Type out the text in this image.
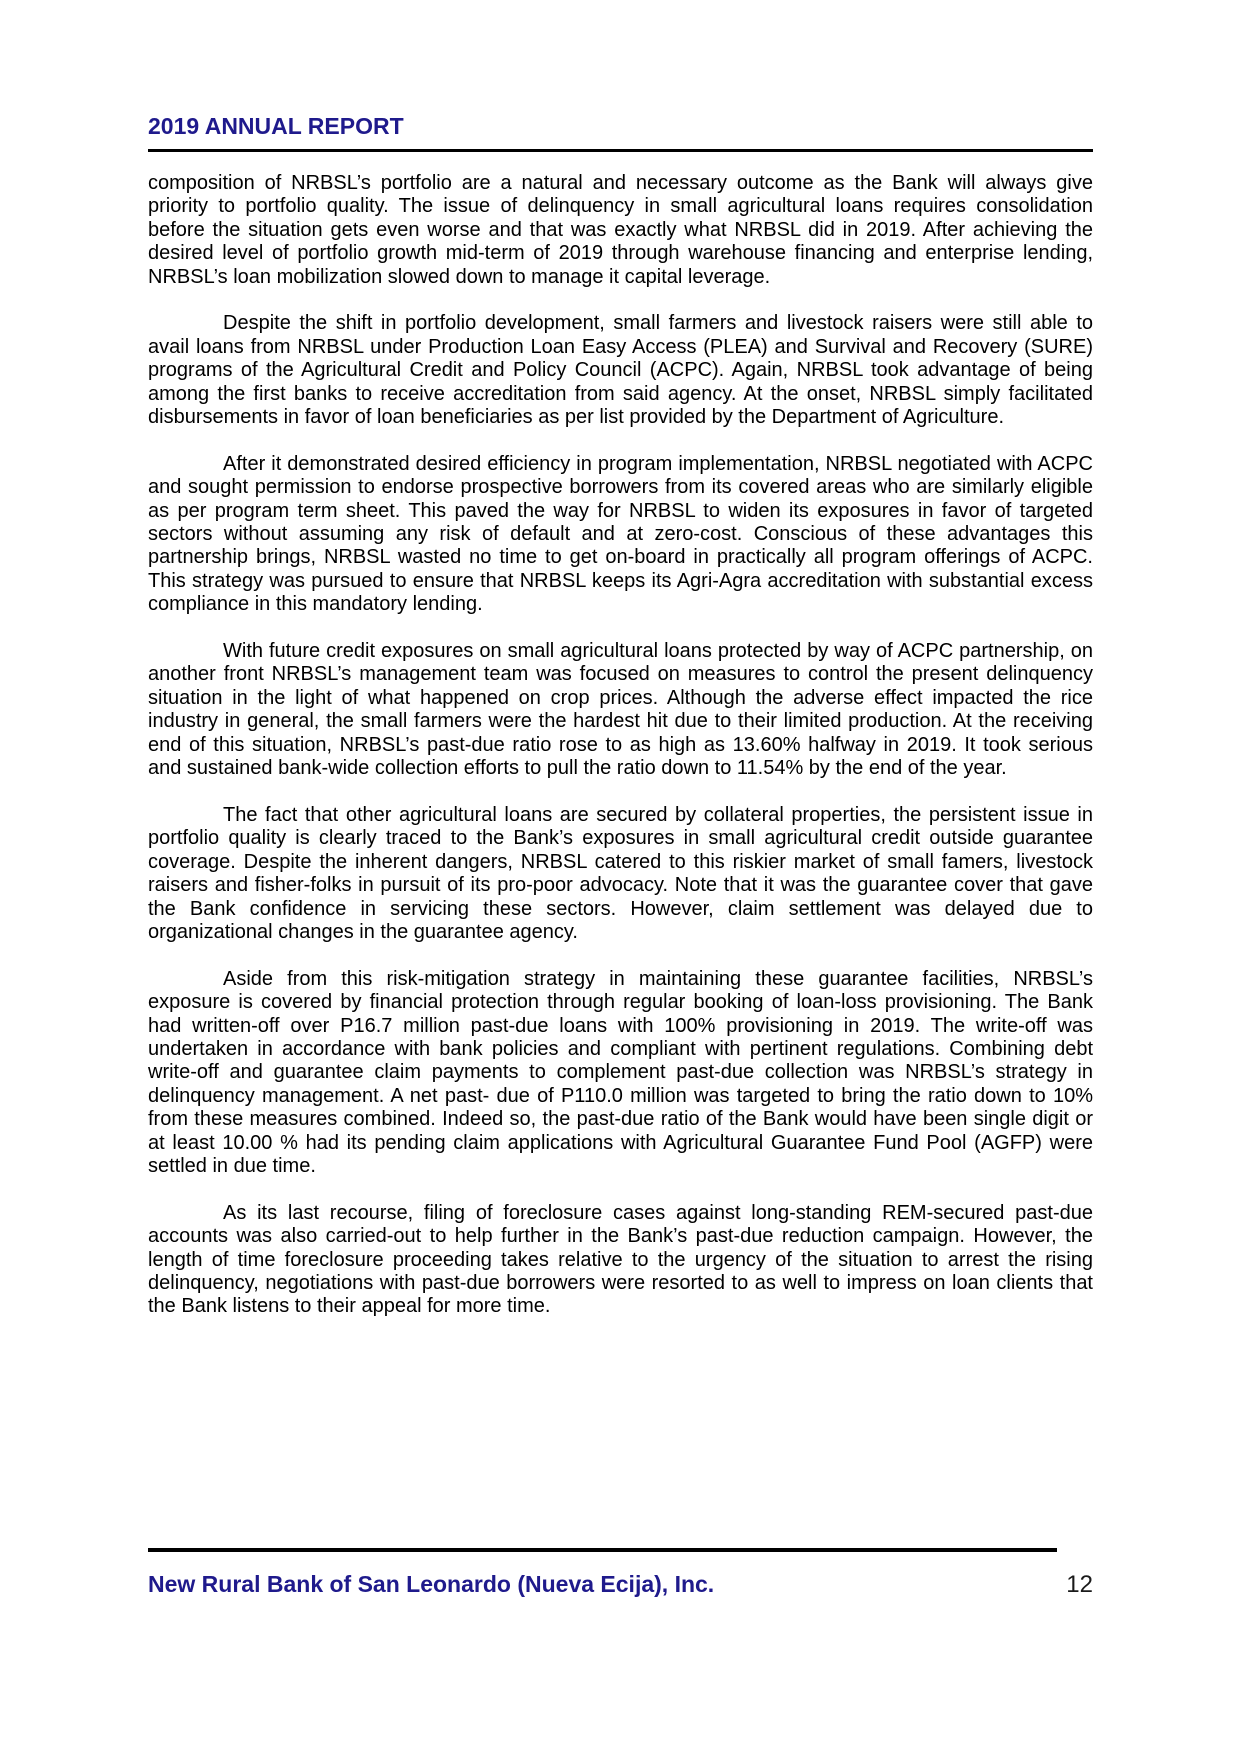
2019 ANNUAL REPORT

composition of NRBSL’s portfolio are a natural and necessary outcome as the Bank will always give priority to portfolio quality. The issue of delinquency in small agricultural loans requires consolidation before the situation gets even worse and that was exactly what NRBSL did in 2019. After achieving the desired level of portfolio growth mid-term of 2019 through warehouse financing and enterprise lending, NRBSL’s loan mobilization slowed down to manage it capital leverage.

Despite the shift in portfolio development, small farmers and livestock raisers were still able to avail loans from NRBSL under Production Loan Easy Access (PLEA) and Survival and Recovery (SURE) programs of the Agricultural Credit and Policy Council (ACPC). Again, NRBSL took advantage of being among the first banks to receive accreditation from said agency. At the onset, NRBSL simply facilitated disbursements in favor of loan beneficiaries as per list provided by the Department of Agriculture.

After it demonstrated desired efficiency in program implementation, NRBSL negotiated with ACPC and sought permission to endorse prospective borrowers from its covered areas who are similarly eligible as per program term sheet. This paved the way for NRBSL to widen its exposures in favor of targeted sectors without assuming any risk of default and at zero-cost. Conscious of these advantages this partnership brings, NRBSL wasted no time to get on-board in practically all program offerings of ACPC. This strategy was pursued to ensure that NRBSL keeps its Agri-Agra accreditation with substantial excess compliance in this mandatory lending.

With future credit exposures on small agricultural loans protected by way of ACPC partnership, on another front NRBSL’s management team was focused on measures to control the present delinquency situation in the light of what happened on crop prices. Although the adverse effect impacted the rice industry in general, the small farmers were the hardest hit due to their limited production. At the receiving end of this situation, NRBSL’s past-due ratio rose to as high as 13.60% halfway in 2019. It took serious and sustained bank-wide collection efforts to pull the ratio down to 11.54% by the end of the year.

The fact that other agricultural loans are secured by collateral properties, the persistent issue in portfolio quality is clearly traced to the Bank’s exposures in small agricultural credit outside guarantee coverage. Despite the inherent dangers, NRBSL catered to this riskier market of small famers, livestock raisers and fisher-folks in pursuit of its pro-poor advocacy. Note that it was the guarantee cover that gave the Bank confidence in servicing these sectors. However, claim settlement was delayed due to organizational changes in the guarantee agency.

Aside from this risk-mitigation strategy in maintaining these guarantee facilities, NRBSL’s exposure is covered by financial protection through regular booking of loan-loss provisioning. The Bank had written-off over P16.7 million past-due loans with 100% provisioning in 2019. The write-off was undertaken in accordance with bank policies and compliant with pertinent regulations. Combining debt write-off and guarantee claim payments to complement past-due collection was NRBSL’s strategy in delinquency management. A net past- due of P110.0 million was targeted to bring the ratio down to 10% from these measures combined. Indeed so, the past-due ratio of the Bank would have been single digit or at least 10.00 % had its pending claim applications with Agricultural Guarantee Fund Pool (AGFP) were settled in due time.

As its last recourse, filing of foreclosure cases against long-standing REM-secured past-due accounts was also carried-out to help further in the Bank’s past-due reduction campaign. However, the length of time foreclosure proceeding takes relative to the urgency of the situation to arrest the rising delinquency, negotiations with past-due borrowers were resorted to as well to impress on loan clients that the Bank listens to their appeal for more time.

New Rural Bank of San Leonardo (Nueva Ecija), Inc.	12
